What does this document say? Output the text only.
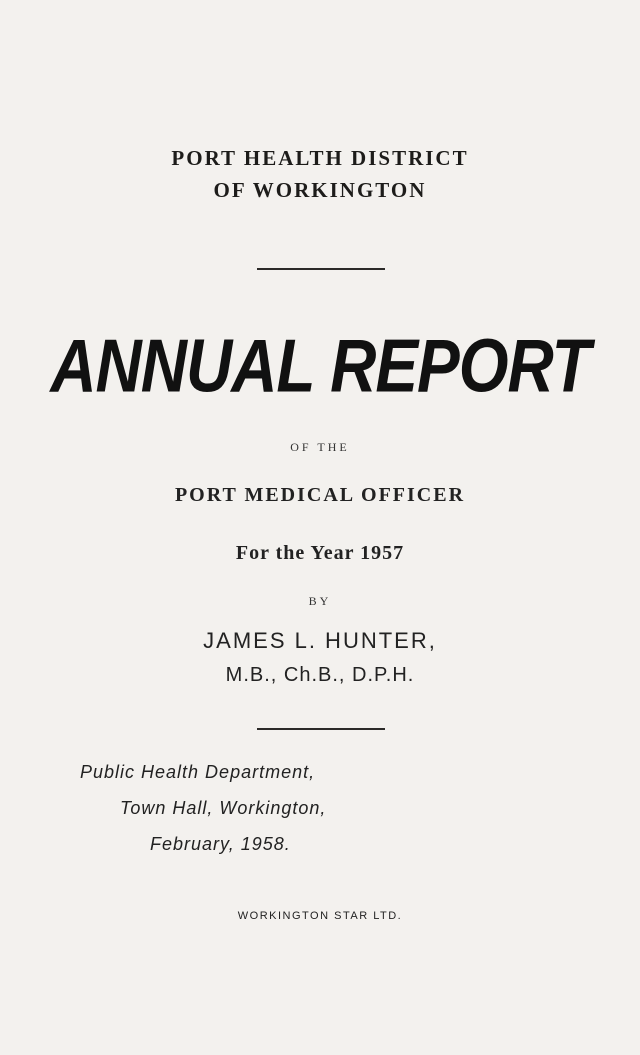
PORT HEALTH DISTRICT
OF WORKINGTON
ANNUAL REPORT
OF THE
PORT MEDICAL OFFICER
For the Year 1957
BY
JAMES L. HUNTER,
M.B., Ch.B., D.P.H.
Public Health Department,
Town Hall, Workington,
February, 1958.
WORKINGTON STAR LTD.
